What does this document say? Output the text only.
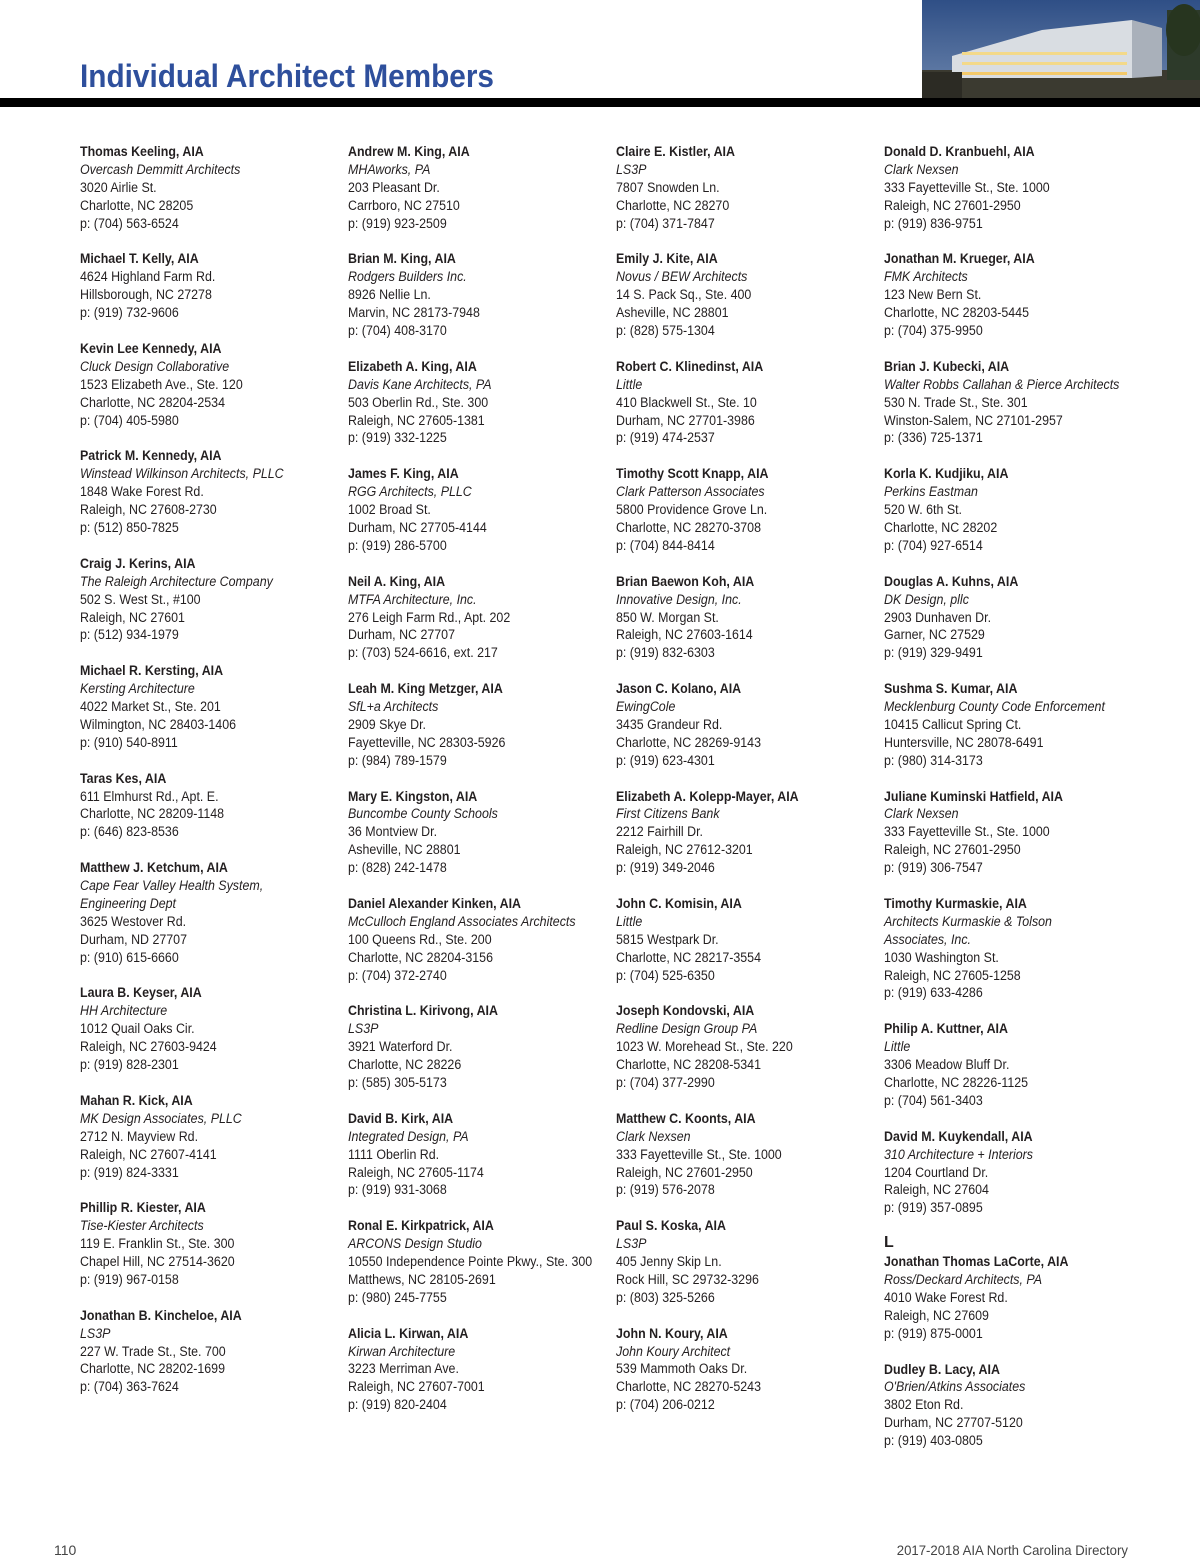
Individual Architect Members
Thomas Keeling, AIA
Overcash Demmitt Architects
3020 Airlie St.
Charlotte, NC 28205
p: (704) 563-6524
Michael T. Kelly, AIA
4624 Highland Farm Rd.
Hillsborough, NC 27278
p: (919) 732-9606
Kevin Lee Kennedy, AIA
Cluck Design Collaborative
1523 Elizabeth Ave., Ste. 120
Charlotte, NC 28204-2534
p: (704) 405-5980
Patrick M. Kennedy, AIA
Winstead Wilkinson Architects, PLLC
1848 Wake Forest Rd.
Raleigh, NC 27608-2730
p: (512) 850-7825
Craig J. Kerins, AIA
The Raleigh Architecture Company
502 S. West St., #100
Raleigh, NC 27601
p: (512) 934-1979
Michael R. Kersting, AIA
Kersting Architecture
4022 Market St., Ste. 201
Wilmington, NC 28403-1406
p: (910) 540-8911
Taras Kes, AIA
611 Elmhurst Rd., Apt. E.
Charlotte, NC 28209-1148
p: (646) 823-8536
Matthew J. Ketchum, AIA
Cape Fear Valley Health System,
Engineering Dept
3625 Westover Rd.
Durham, ND 27707
p: (910) 615-6660
Laura B. Keyser, AIA
HH Architecture
1012 Quail Oaks Cir.
Raleigh, NC 27603-9424
p: (919) 828-2301
Mahan R. Kick, AIA
MK Design Associates, PLLC
2712 N. Mayview Rd.
Raleigh, NC 27607-4141
p: (919) 824-3331
Phillip R. Kiester, AIA
Tise-Kiester Architects
119 E. Franklin St., Ste. 300
Chapel Hill, NC 27514-3620
p: (919) 967-0158
Jonathan B. Kincheloe, AIA
LS3P
227 W. Trade St., Ste. 700
Charlotte, NC 28202-1699
p: (704) 363-7624
Andrew M. King, AIA
MHAworks, PA
203 Pleasant Dr.
Carrboro, NC 27510
p: (919) 923-2509
Brian M. King, AIA
Rodgers Builders Inc.
8926 Nellie Ln.
Marvin, NC 28173-7948
p: (704) 408-3170
Elizabeth A. King, AIA
Davis Kane Architects, PA
503 Oberlin Rd., Ste. 300
Raleigh, NC 27605-1381
p: (919) 332-1225
James F. King, AIA
RGG Architects, PLLC
1002 Broad St.
Durham, NC 27705-4144
p: (919) 286-5700
Neil A. King, AIA
MTFA Architecture, Inc.
276 Leigh Farm Rd., Apt. 202
Durham, NC 27707
p: (703) 524-6616, ext. 217
Leah M. King Metzger, AIA
SfL+a Architects
2909 Skye Dr.
Fayetteville, NC 28303-5926
p: (984) 789-1579
Mary E. Kingston, AIA
Buncombe County Schools
36 Montview Dr.
Asheville, NC 28801
p: (828) 242-1478
Daniel Alexander Kinken, AIA
McCulloch England Associates Architects
100 Queens Rd., Ste. 200
Charlotte, NC 28204-3156
p: (704) 372-2740
Christina L. Kirivong, AIA
LS3P
3921 Waterford Dr.
Charlotte, NC 28226
p: (585) 305-5173
David B. Kirk, AIA
Integrated Design, PA
1111 Oberlin Rd.
Raleigh, NC 27605-1174
p: (919) 931-3068
Ronal E. Kirkpatrick, AIA
ARCONS Design Studio
10550 Independence Pointe Pkwy., Ste. 300
Matthews, NC 28105-2691
p: (980) 245-7755
Alicia L. Kirwan, AIA
Kirwan Architecture
3223 Merriman Ave.
Raleigh, NC 27607-7001
p: (919) 820-2404
Claire E. Kistler, AIA
LS3P
7807 Snowden Ln.
Charlotte, NC 28270
p: (704) 371-7847
Emily J. Kite, AIA
Novus / BEW Architects
14 S. Pack Sq., Ste. 400
Asheville, NC 28801
p: (828) 575-1304
Robert C. Klinedinst, AIA
Little
410 Blackwell St., Ste. 10
Durham, NC 27701-3986
p: (919) 474-2537
Timothy Scott Knapp, AIA
Clark Patterson Associates
5800 Providence Grove Ln.
Charlotte, NC 28270-3708
p: (704) 844-8414
Brian Baewon Koh, AIA
Innovative Design, Inc.
850 W. Morgan St.
Raleigh, NC 27603-1614
p: (919) 832-6303
Jason C. Kolano, AIA
EwingCole
3435 Grandeur Rd.
Charlotte, NC 28269-9143
p: (919) 623-4301
Elizabeth A. Kolepp-Mayer, AIA
First Citizens Bank
2212 Fairhill Dr.
Raleigh, NC 27612-3201
p: (919) 349-2046
John C. Komisin, AIA
Little
5815 Westpark Dr.
Charlotte, NC 28217-3554
p: (704) 525-6350
Joseph Kondovski, AIA
Redline Design Group PA
1023 W. Morehead St., Ste. 220
Charlotte, NC 28208-5341
p: (704) 377-2990
Matthew C. Koonts, AIA
Clark Nexsen
333 Fayetteville St., Ste. 1000
Raleigh, NC 27601-2950
p: (919) 576-2078
Paul S. Koska, AIA
LS3P
405 Jenny Skip Ln.
Rock Hill, SC 29732-3296
p: (803) 325-5266
John N. Koury, AIA
John Koury Architect
539 Mammoth Oaks Dr.
Charlotte, NC 28270-5243
p: (704) 206-0212
Donald D. Kranbuehl, AIA
Clark Nexsen
333 Fayetteville St., Ste. 1000
Raleigh, NC 27601-2950
p: (919) 836-9751
Jonathan M. Krueger, AIA
FMK Architects
123 New Bern St.
Charlotte, NC 28203-5445
p: (704) 375-9950
Brian J. Kubecki, AIA
Walter Robbs Callahan & Pierce Architects
530 N. Trade St., Ste. 301
Winston-Salem, NC 27101-2957
p: (336) 725-1371
Korla K. Kudjiku, AIA
Perkins Eastman
520 W. 6th St.
Charlotte, NC 28202
p: (704) 927-6514
Douglas A. Kuhns, AIA
DK Design, pllc
2903 Dunhaven Dr.
Garner, NC 27529
p: (919) 329-9491
Sushma S. Kumar, AIA
Mecklenburg County Code Enforcement
10415 Callicut Spring Ct.
Huntersville, NC 28078-6491
p: (980) 314-3173
Juliane Kuminski Hatfield, AIA
Clark Nexsen
333 Fayetteville St., Ste. 1000
Raleigh, NC 27601-2950
p: (919) 306-7547
Timothy Kurmaskie, AIA
Architects Kurmaskie & Tolson
Associates, Inc.
1030 Washington St.
Raleigh, NC 27605-1258
p: (919) 633-4286
Philip A. Kuttner, AIA
Little
3306 Meadow Bluff Dr.
Charlotte, NC 28226-1125
p: (704) 561-3403
David M. Kuykendall, AIA
310 Architecture + Interiors
1204 Courtland Dr.
Raleigh, NC 27604
p: (919) 357-0895
L
Jonathan Thomas LaCorte, AIA
Ross/Deckard Architects, PA
4010 Wake Forest Rd.
Raleigh, NC 27609
p: (919) 875-0001
Dudley B. Lacy, AIA
O'Brien/Atkins Associates
3802 Eton Rd.
Durham, NC 27707-5120
p: (919) 403-0805
110	2017-2018 AIA North Carolina Directory
